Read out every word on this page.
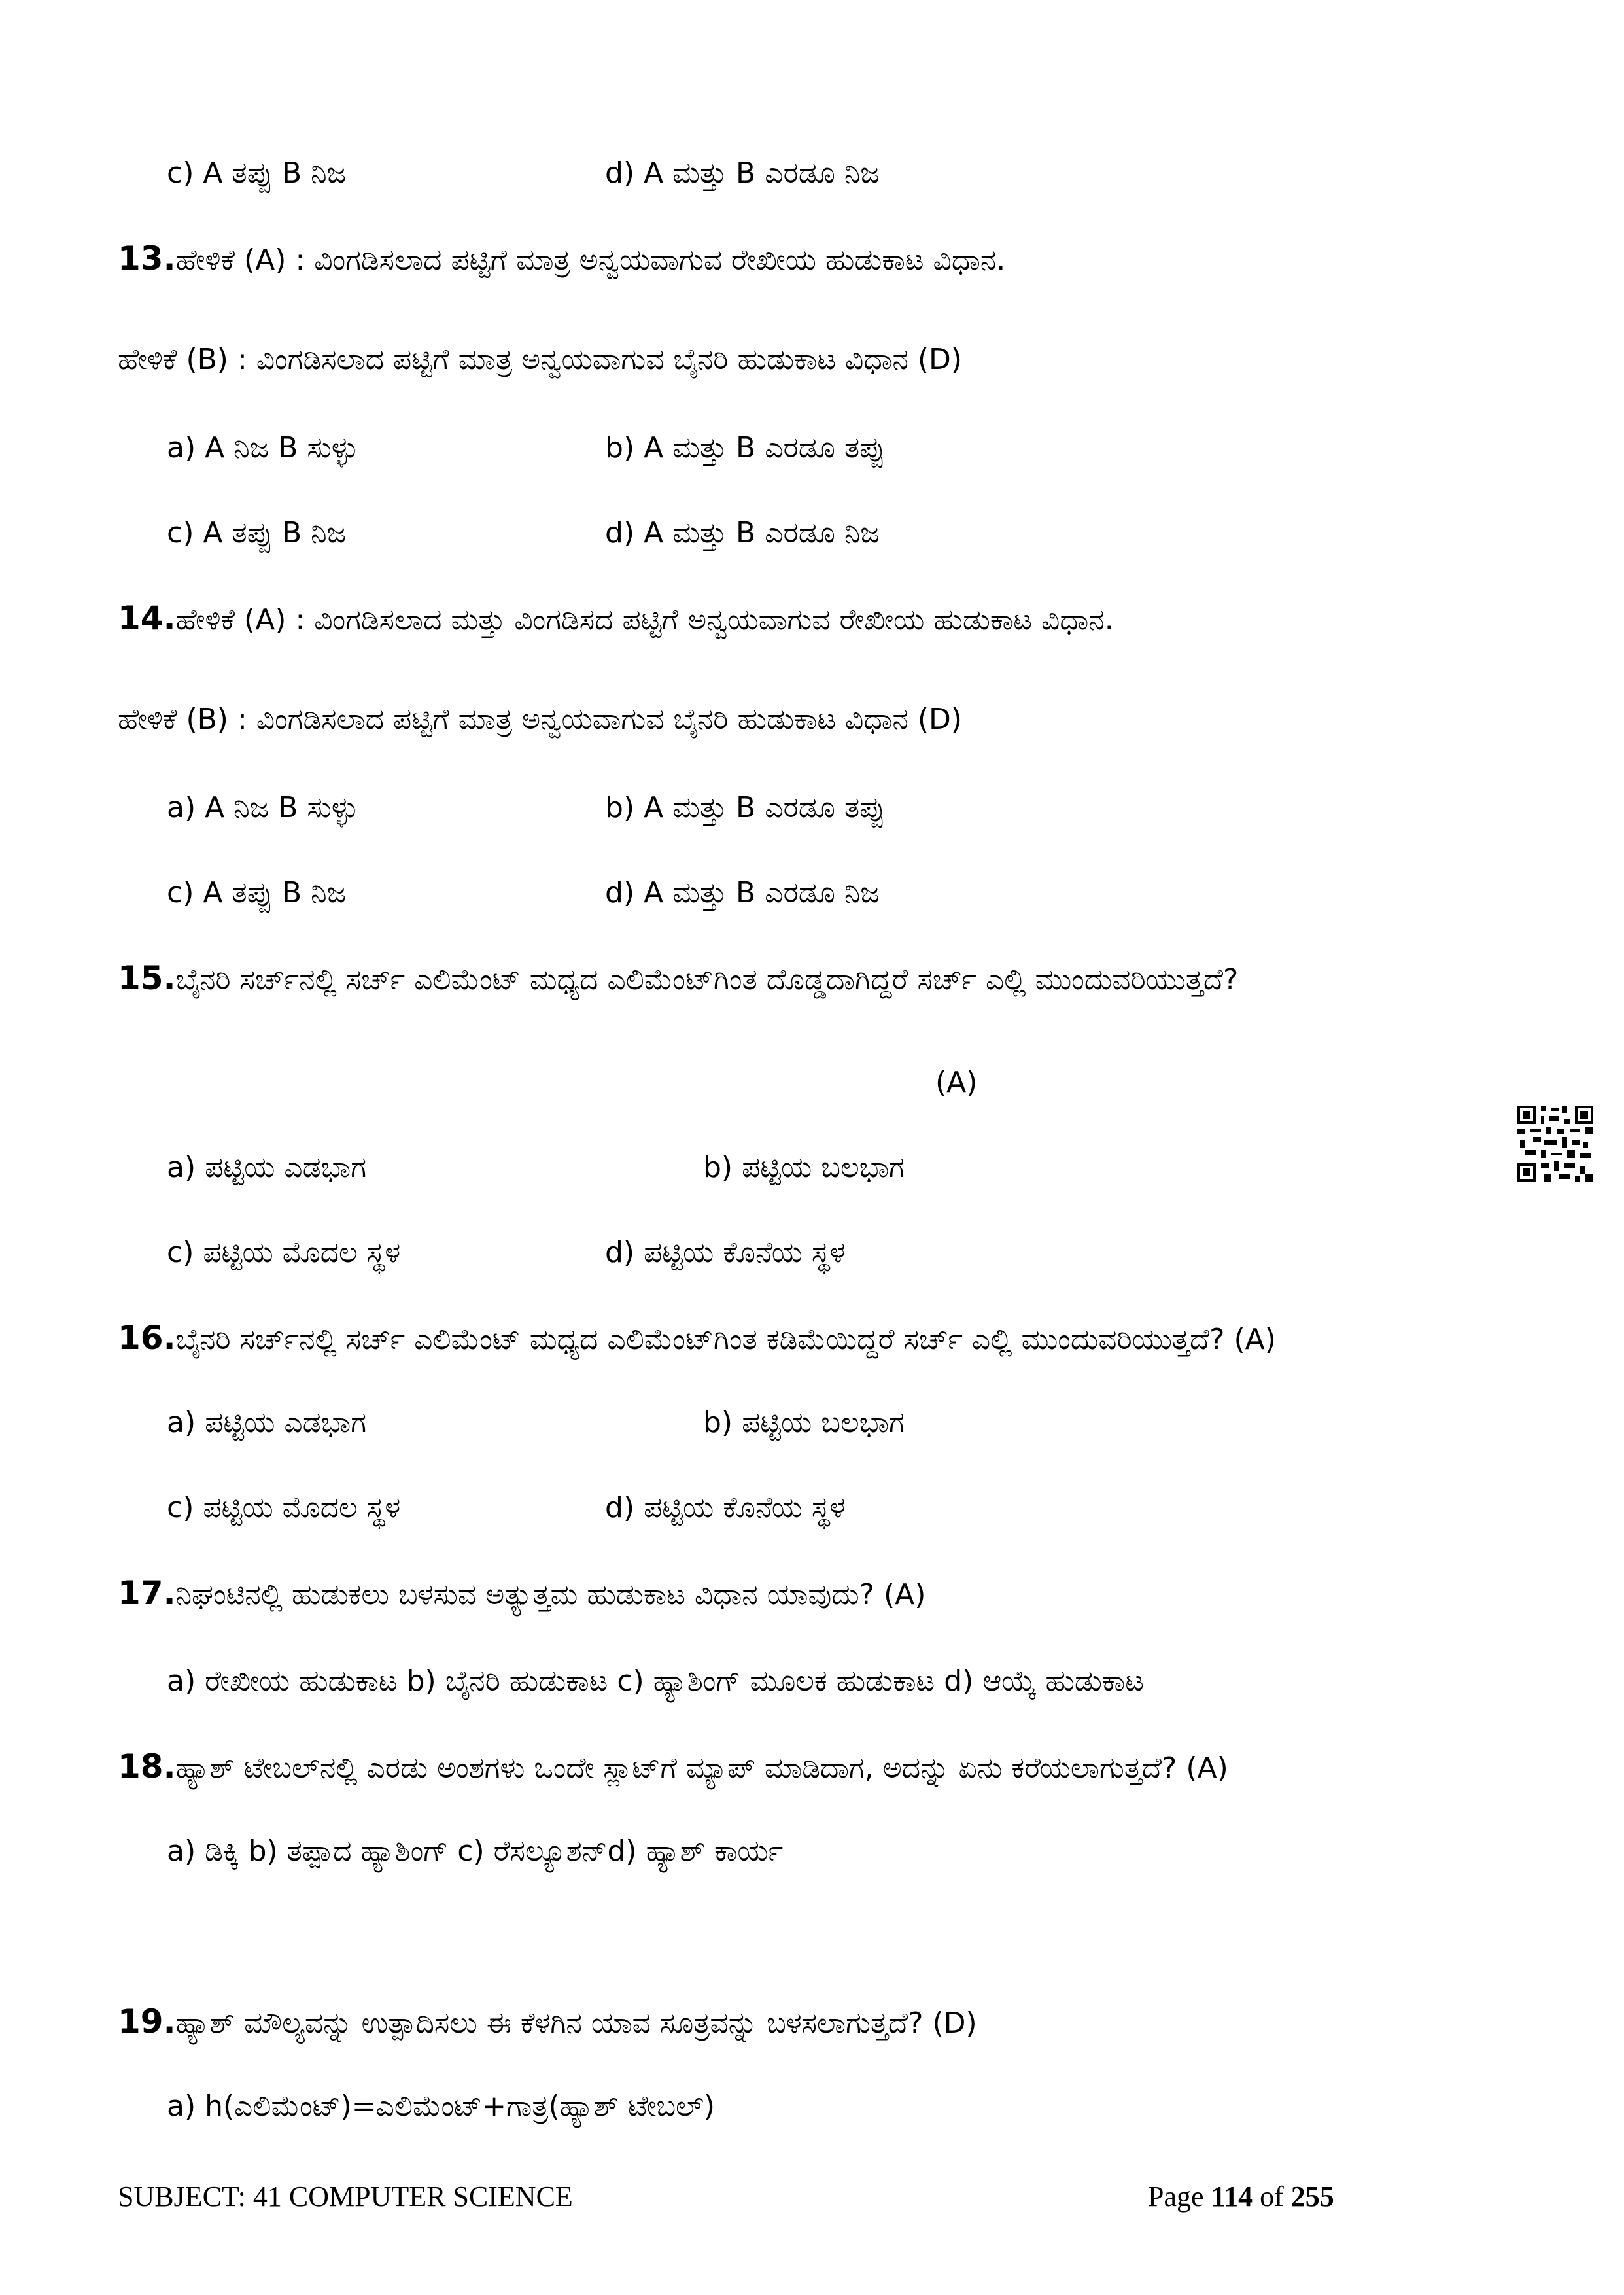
c) A ತಪ್ಪು B ನಿಜ	d) A ಮತ್ತು B ಎರಡೂ ನಿಜ
13.ಹೇಳಿಕೆ (A) : ವಿಂಗಡಿಸಲಾದ ಪಟ್ಟಿಗೆ ಮಾತ್ರ ಅನ್ವಯವಾಗುವ ರೇಖೀಯ ಹುಡುಕಾಟ ವಿಧಾನ.
ಹೇಳಿಕೆ (B) : ವಿಂಗಡಿಸಲಾದ ಪಟ್ಟಿಗೆ ಮಾತ್ರ ಅನ್ವಯವಾಗುವ ಬೈನರಿ ಹುಡುಕಾಟ ವಿಧಾನ (D)
a) A ನಿಜ B ಸುಳ್ಳು	b) A ಮತ್ತು B ಎರಡೂ ತಪ್ಪು
c) A ತಪ್ಪು B ನಿಜ	d) A ಮತ್ತು B ಎರಡೂ ನಿಜ
14.ಹೇಳಿಕೆ (A) : ವಿಂಗಡಿಸಲಾದ ಮತ್ತು ವಿಂಗಡಿಸದ ಪಟ್ಟಿಗೆ ಅನ್ವಯವಾಗುವ ರೇಖೀಯ ಹುಡುಕಾಟ ವಿಧಾನ.
ಹೇಳಿಕೆ (B) : ವಿಂಗಡಿಸಲಾದ ಪಟ್ಟಿಗೆ ಮಾತ್ರ ಅನ್ವಯವಾಗುವ ಬೈನರಿ ಹುಡುಕಾಟ ವಿಧಾನ (D)
a) A ನಿಜ B ಸುಳ್ಳು	b) A ಮತ್ತು B ಎರಡೂ ತಪ್ಪು
c) A ತಪ್ಪು B ನಿಜ	d) A ಮತ್ತು B ಎರಡೂ ನಿಜ
15.ಬೈನರಿ ಸರ್ಚ್‌ನಲ್ಲಿ ಸರ್ಚ್ ಎಲಿಮೆಂಟ್ ಮಧ್ಯದ ಎಲಿಮೆಂಟ್‌ಗಿಂತ ದೊಡ್ಡದಾಗಿದ್ದರೆ ಸರ್ಚ್ ಎಲ್ಲಿ ಮುಂದುವರಿಯುತ್ತದೆ?
(A)
a) ಪಟ್ಟಿಯ ಎಡಭಾಗ	b) ಪಟ್ಟಿಯ ಬಲಭಾಗ
c) ಪಟ್ಟಿಯ ಮೊದಲ ಸ್ಥಳ	d) ಪಟ್ಟಿಯ ಕೊನೆಯ ಸ್ಥಳ
16.ಬೈನರಿ ಸರ್ಚ್‌ನಲ್ಲಿ ಸರ್ಚ್ ಎಲಿಮೆಂಟ್ ಮಧ್ಯದ ಎಲಿಮೆಂಟ್‌ಗಿಂತ ಕಡಿಮೆಯಿದ್ದರೆ ಸರ್ಚ್ ಎಲ್ಲಿ ಮುಂದುವರಿಯುತ್ತದೆ? (A)
a) ಪಟ್ಟಿಯ ಎಡಭಾಗ	b) ಪಟ್ಟಿಯ ಬಲಭಾಗ
c) ಪಟ್ಟಿಯ ಮೊದಲ ಸ್ಥಳ	d) ಪಟ್ಟಿಯ ಕೊನೆಯ ಸ್ಥಳ
17.ನಿಘಂಟಿನಲ್ಲಿ ಹುಡುಕಲು ಬಳಸುವ ಅತ್ಯುತ್ತಮ ಹುಡುಕಾಟ ವಿಧಾನ ಯಾವುದು? (A)
a) ರೇಖೀಯ ಹುಡುಕಾಟ b) ಬೈನರಿ ಹುಡುಕಾಟ c) ಹ್ಯಾಶಿಂಗ್ ಮೂಲಕ ಹುಡುಕಾಟ d) ಆಯ್ಕೆ ಹುಡುಕಾಟ
18.ಹ್ಯಾಶ್ ಟೇಬಲ್‌ನಲ್ಲಿ ಎರಡು ಅಂಶಗಳು ಒಂದೇ ಸ್ಲಾಟ್‌ಗೆ ಮ್ಯಾಪ್ ಮಾಡಿದಾಗ, ಅದನ್ನು ಏನು ಕರೆಯಲಾಗುತ್ತದೆ? (A)
a) ಡಿಕ್ಕಿ b) ತಪ್ಪಾದ ಹ್ಯಾಶಿಂಗ್ c) ರೆಸಲ್ಯೂಶನ್d) ಹ್ಯಾಶ್ ಕಾರ್ಯ
19.ಹ್ಯಾಶ್ ಮೌಲ್ಯವನ್ನು ಉತ್ಪಾದಿಸಲು ಈ ಕೆಳಗಿನ ಯಾವ ಸೂತ್ರವನ್ನು ಬಳಸಲಾಗುತ್ತದೆ? (D)
a) h(ಎಲಿಮೆಂಟ್)=ಎಲಿಮೆಂಟ್+ಗಾತ್ರ(ಹ್ಯಾಶ್ ಟೇಬಲ್)
SUBJECT: 41 COMPUTER SCIENCE	Page 114 of 255
